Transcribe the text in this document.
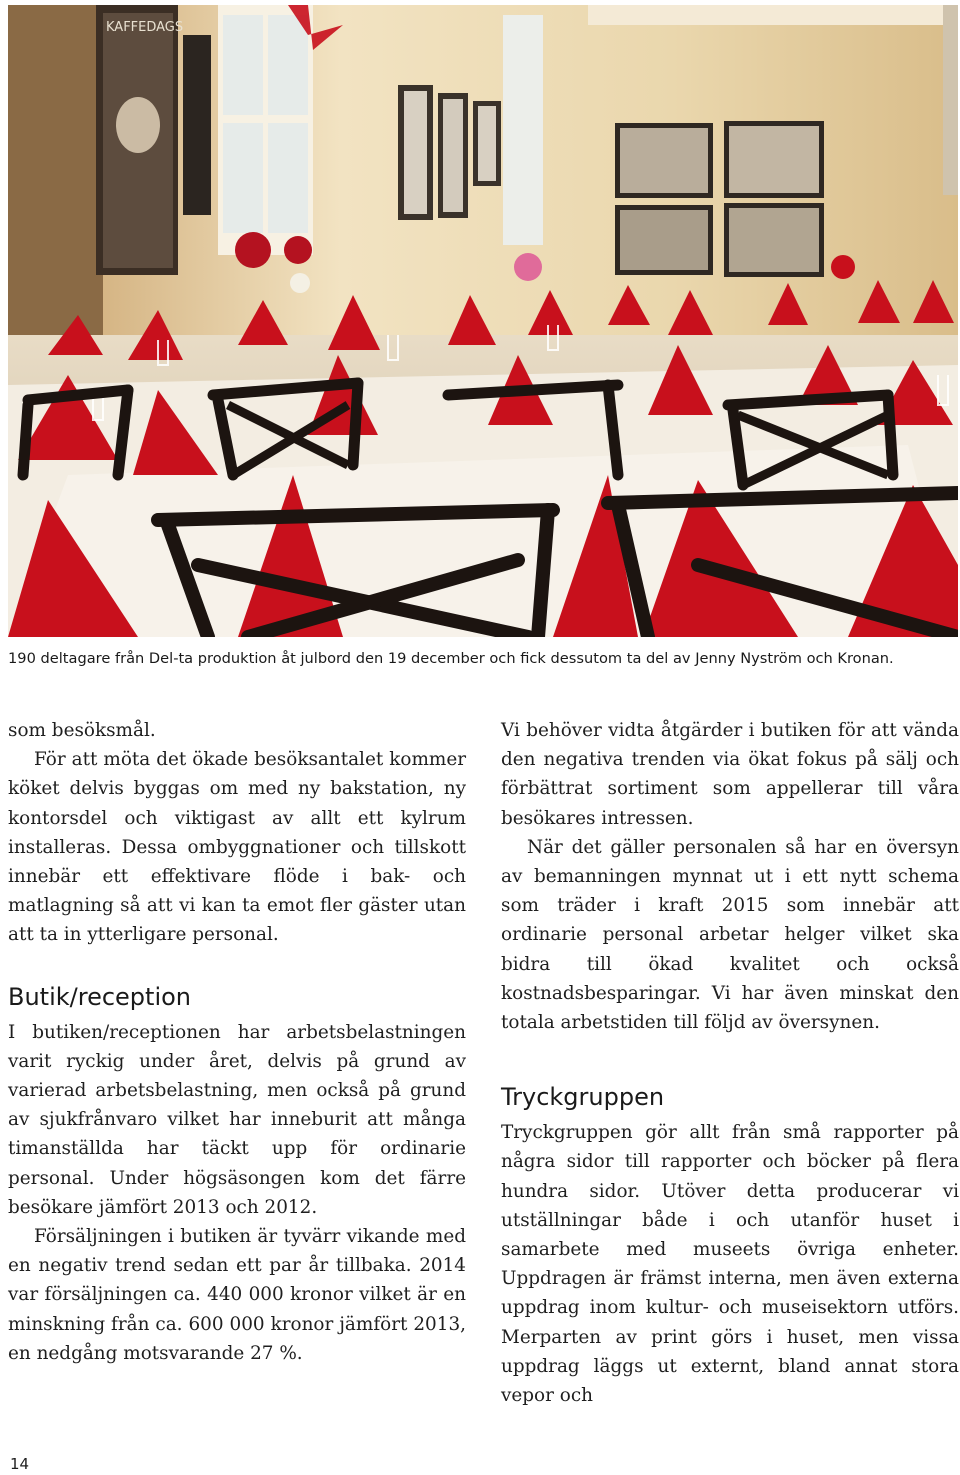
KAFFEDAGS
190 deltagare från Del-ta produktion åt julbord den 19 december och fick dessutom ta del av Jenny Nyström och Kronan.

som besöksmål.

För att möta det ökade besöksantalet kommer köket delvis byggas om med ny bakstation, ny kontorsdel och viktigast av allt ett kylrum installeras. Dessa ombyggnationer och tillskott innebär ett effektivare flöde i bak- och matlagning så att vi kan ta emot fler gäster utan att ta in ytterligare personal.

Butik/reception

I butiken/receptionen har arbetsbelastningen varit ryckig under året, delvis på grund av varierad arbetsbelastning, men också på grund av sjukfrånvaro vilket har inneburit att många timanställda har täckt upp för ordinarie personal. Under högsäsongen kom det färre besökare jämfört 2013 och 2012.

Försäljningen i butiken är tyvärr vikande med en negativ trend sedan ett par år tillbaka. 2014 var försäljningen ca. 440 000 kronor vilket är en minskning från ca. 600 000 kronor jämfört 2013, en nedgång motsvarande 27 %.

Vi behöver vidta åtgärder i butiken för att vända den negativa trenden via ökat fokus på sälj och förbättrat sortiment som appellerar till våra besökares intressen.

När det gäller personalen så har en översyn av bemanningen mynnat ut i ett nytt schema som träder i kraft 2015 som innebär att ordinarie personal arbetar helger vilket ska bidra till ökad kvalitet och också kostnadsbesparingar. Vi har även minskat den totala arbetstiden till följd av översynen.

Tryckgruppen

Tryckgruppen gör allt från små rapporter på några sidor till rapporter och böcker på flera hundra sidor. Utöver detta producerar vi utställningar både i och utanför huset i samarbete med museets övriga enheter. Uppdragen är främst interna, men även externa uppdrag inom kultur- och museisektorn utförs. Merparten av print görs i huset, men vissa uppdrag läggs ut externt, bland annat stora vepor och

14
